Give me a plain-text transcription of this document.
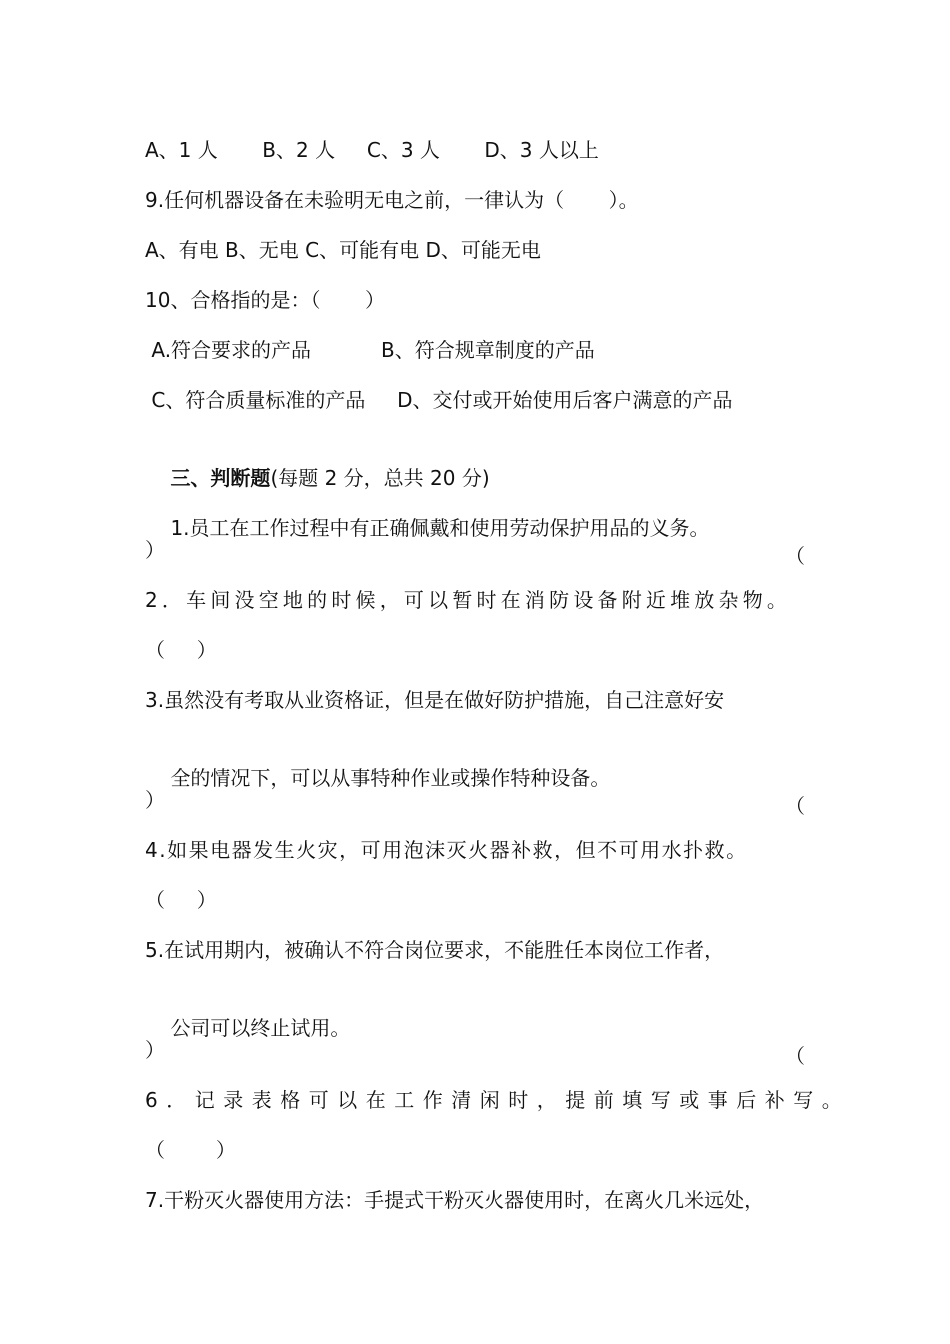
A、1 人       B、2 人     C、3 人       D、3 人以上
9.任何机器设备在未验明无电之前，一律认为（       ）。
A、有电 B、无电 C、可能有电 D、可能无电
10、合格指的是：（       ）
A.符合要求的产品           B、符合规章制度的产品
C、符合质量标准的产品     D、交付或开始使用后客户满意的产品

三、判断题(每题 2 分，总共 20 分)

1.员工在工作过程中有正确佩戴和使用劳动保护用品的义务。

（

）
2．车间没空地的时候，可以暂时在消防设备附近堆放杂物。
（     ）
3.虽然没有考取从业资格证，但是在做好防护措施，自己注意好安

全的情况下，可以从事特种作业或操作特种设备。

（

）
4.如果电器发生火灾，可用泡沫灭火器补救，但不可用水扑救。
（     ）
5.在试用期内，被确认不符合岗位要求，不能胜任本岗位工作者，

公司可以终止试用。

（

）
6．记录表格可以在工作清闲时，提前填写或事后补写。
（        ）
7.干粉灭火器使用方法：手提式干粉灭火器使用时，在离火几米远处，
